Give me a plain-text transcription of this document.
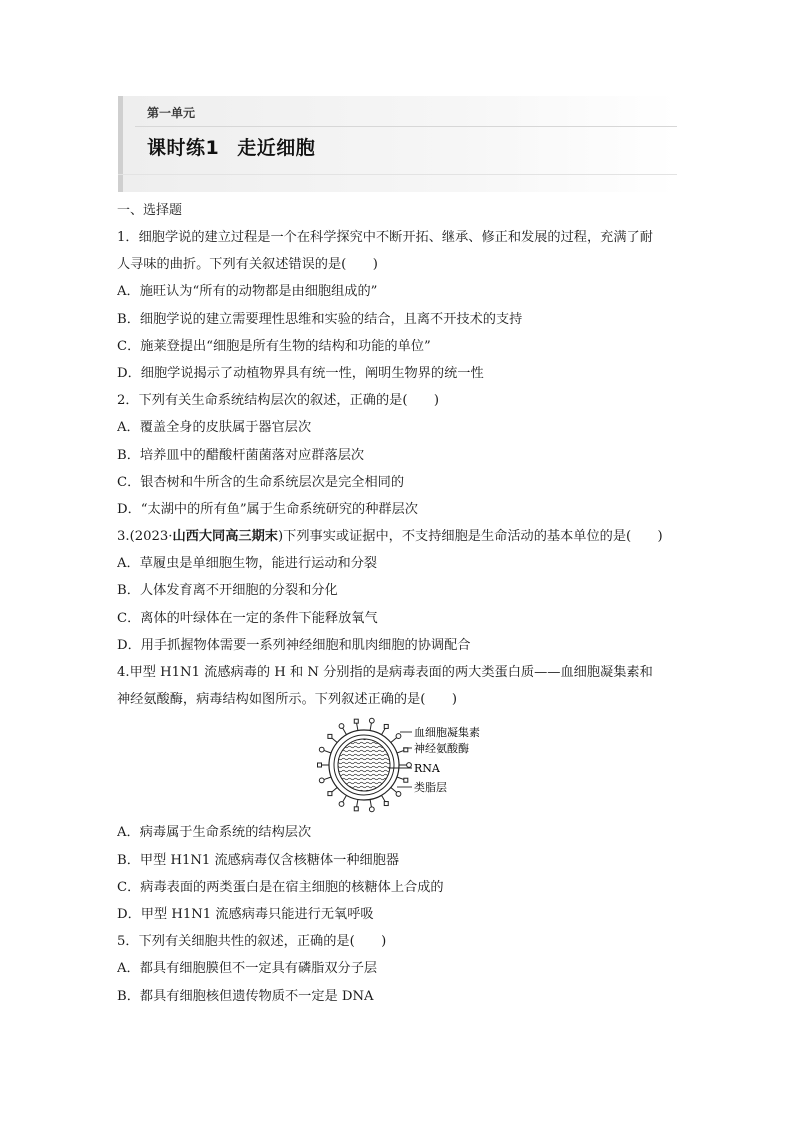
第一单元
课时练1 走近细胞
一、选择题
1．细胞学说的建立过程是一个在科学探究中不断开拓、继承、修正和发展的过程，充满了耐
人寻味的曲折。下列有关叙述错误的是(　　)
A．施旺认为“所有的动物都是由细胞组成的”
B．细胞学说的建立需要理性思维和实验的结合，且离不开技术的支持
C．施莱登提出“细胞是所有生物的结构和功能的单位”
D．细胞学说揭示了动植物界具有统一性，阐明生物界的统一性
2．下列有关生命系统结构层次的叙述，正确的是(　　)
A．覆盖全身的皮肤属于器官层次
B．培养皿中的醋酸杆菌菌落对应群落层次
C．银杏树和牛所含的生命系统层次是完全相同的
D．“太湖中的所有鱼”属于生命系统研究的种群层次
3.(2023·山西大同高三期末)下列事实或证据中，不支持细胞是生命活动的基本单位的是(　　)
A．草履虫是单细胞生物，能进行运动和分裂
B．人体发育离不开细胞的分裂和分化
C．离体的叶绿体在一定的条件下能释放氧气
D．用手抓握物体需要一系列神经细胞和肌肉细胞的协调配合
4.甲型 H1N1 流感病毒的 H 和 N 分别指的是病毒表面的两大类蛋白质——血细胞凝集素和
神经氨酸酶，病毒结构如图所示。下列叙述正确的是(　　)
血细胞凝集素
神经氨酸酶
RNA
类脂层
A．病毒属于生命系统的结构层次
B．甲型 H1N1 流感病毒仅含核糖体一种细胞器
C．病毒表面的两类蛋白是在宿主细胞的核糖体上合成的
D．甲型 H1N1 流感病毒只能进行无氧呼吸
5．下列有关细胞共性的叙述，正确的是(　　)
A．都具有细胞膜但不一定具有磷脂双分子层
B．都具有细胞核但遗传物质不一定是 DNA
